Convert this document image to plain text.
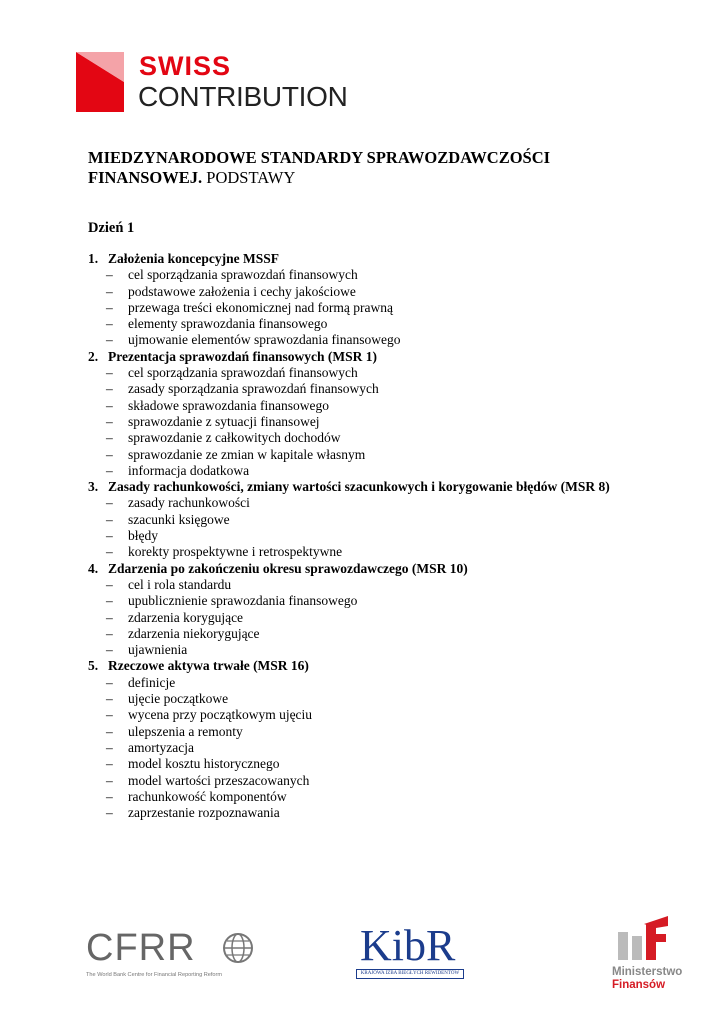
SWISS
CONTRIBUTION
MIEDZYNARODOWE STANDARDY SPRAWOZDAWCZOŚCI
FINANSOWEJ. PODSTAWY
Dzień 1
1. Założenia koncepcyjne MSSF
–	cel sporządzania sprawozdań finansowych
–	podstawowe założenia i cechy jakościowe
–	przewaga treści ekonomicznej nad formą prawną
–	elementy sprawozdania finansowego
–	ujmowanie elementów sprawozdania finansowego
2. Prezentacja sprawozdań finansowych (MSR 1)
–	cel sporządzania sprawozdań finansowych
–	zasady sporządzania sprawozdań finansowych
–	składowe sprawozdania finansowego
–	sprawozdanie z sytuacji finansowej
–	sprawozdanie z całkowitych dochodów
–	sprawozdanie ze zmian w kapitale własnym
–	informacja dodatkowa
3. Zasady rachunkowości, zmiany wartości szacunkowych i korygowanie błędów (MSR 8)
–	zasady rachunkowości
–	szacunki księgowe
–	błędy
–	korekty prospektywne i retrospektywne
4. Zdarzenia po zakończeniu okresu sprawozdawczego (MSR 10)
–	cel i rola standardu
–	upublicznienie sprawozdania finansowego
–	zdarzenia korygujące
–	zdarzenia niekorygujące
–	ujawnienia
5. Rzeczowe aktywa trwałe (MSR 16)
–	definicje
–	ujęcie początkowe
–	wycena przy początkowym ujęciu
–	ulepszenia a remonty
–	amortyzacja
–	model kosztu historycznego
–	model wartości przeszacowanych
–	rachunkowość komponentów
–	zaprzestanie rozpoznawania
CFRR
The World Bank Centre for Financial Reporting Reform
KibR
KRAJOWA IZBA BIEGŁYCH REWIDENTÓW	Ministerstwo
Finansów
